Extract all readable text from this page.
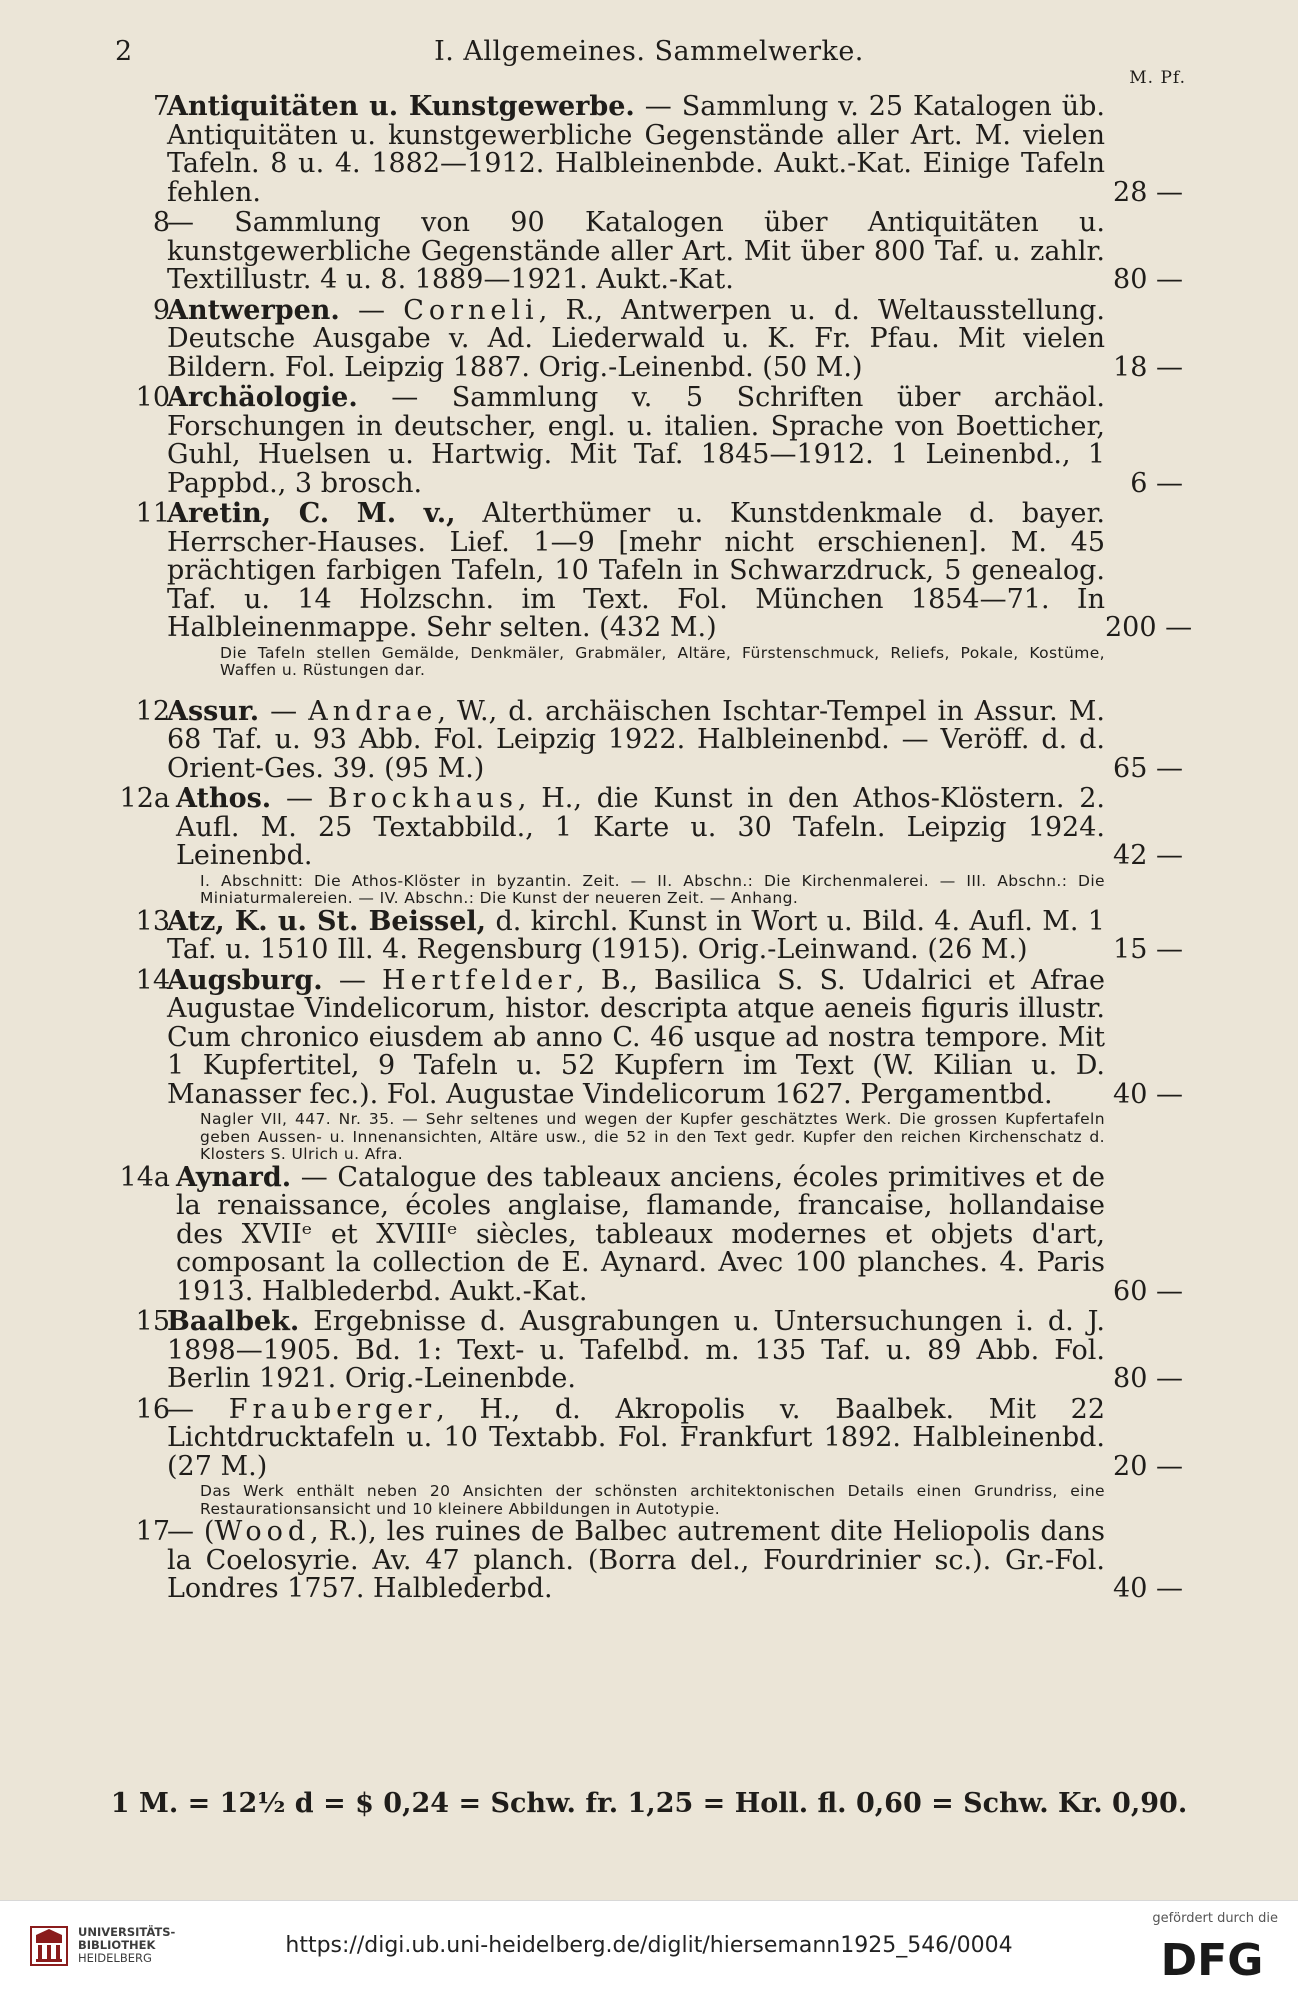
2	I. Allgemeines. Sammelwerke.
M. Pf.
7
Antiquitäten u. Kunstgewerbe. — Sammlung v. 25 Katalogen üb. Antiquitäten u. kunstgewerbliche Gegenstände aller Art. M. vielen Tafeln. 8 u. 4. 1882—1912. Halbleinenbde. Aukt.-Kat. Einige Tafeln fehlen.	28 —
8
— Sammlung von 90 Katalogen über Antiquitäten u. kunstgewerbliche Gegenstände aller Art. Mit über 800 Taf. u. zahlr. Textillustr. 4 u. 8. 1889—1921. Aukt.-Kat.	80 —
9
Antwerpen. — Corneli, R., Antwerpen u. d. Weltausstellung. Deutsche Ausgabe v. Ad. Liederwald u. K. Fr. Pfau. Mit vielen Bildern. Fol. Leipzig 1887. Orig.-Leinenbd. (50 M.)	18 —
10
Archäologie. — Sammlung v. 5 Schriften über archäol. Forschungen in deutscher, engl. u. italien. Sprache von Boetticher, Guhl, Huelsen u. Hartwig. Mit Taf. 1845—1912. 1 Leinenbd., 1 Pappbd., 3 brosch.	6 —
11
Aretin, C. M. v., Alterthümer u. Kunstdenkmale d. bayer. Herrscher-Hauses. Lief. 1—9 [mehr nicht erschienen]. M. 45 prächtigen farbigen Tafeln, 10 Tafeln in Schwarzdruck, 5 genealog. Taf. u. 14 Holzschn. im Text. Fol. München 1854—71. In Halbleinenmappe. Sehr selten. (432 M.)	200 —
Die Tafeln stellen Gemälde, Denkmäler, Grabmäler, Altäre, Fürstenschmuck, Reliefs, Pokale, Kostüme, Waffen u. Rüstungen dar.
12
Assur. — Andrae, W., d. archäischen Ischtar-Tempel in Assur. M. 68 Taf. u. 93 Abb. Fol. Leipzig 1922. Halbleinenbd. — Veröff. d. d. Orient-Ges. 39. (95 M.)	65 —
12a Athos. — Brockhaus, H., die Kunst in den Athos-Klöstern. 2. Aufl. M. 25 Textabbild., 1 Karte u. 30 Tafeln. Leipzig 1924. Leinenbd.	42 —
I. Abschnitt: Die Athos-Klöster in byzantin. Zeit. — II. Abschn.: Die Kirchenmalerei. — III. Abschn.: Die Miniaturmalereien. — IV. Abschn.: Die Kunst der neueren Zeit. — Anhang.
13
Atz, K. u. St. Beissel, d. kirchl. Kunst in Wort u. Bild. 4. Aufl. M. 1 Taf. u. 1510 Ill. 4. Regensburg (1915). Orig.-Leinwand. (26 M.)	15 —
14
Augsburg. — Hertfelder, B., Basilica S. S. Udalrici et Afrae Augustae Vindelicorum, histor. descripta atque aeneis figuris illustr. Cum chronico eiusdem ab anno C. 46 usque ad nostra tempore. Mit 1 Kupfertitel, 9 Tafeln u. 52 Kupfern im Text (W. Kilian u. D. Manasser fec.). Fol. Augustae Vindelicorum 1627. Pergamentbd.	40 —
Nagler VII, 447. Nr. 35. — Sehr seltenes und wegen der Kupfer geschätztes Werk. Die grossen Kupfertafeln geben Aussen- u. Innenansichten, Altäre usw., die 52 in den Text gedr. Kupfer den reichen Kirchenschatz d. Klosters S. Ulrich u. Afra.
14a Aynard. — Catalogue des tableaux anciens, écoles primitives et de la renaissance, écoles anglaise, flamande, francaise, hollandaise des XVIIᵉ et XVIIIᵉ siècles, tableaux modernes et objets d'art, composant la collection de E. Aynard. Avec 100 planches. 4. Paris 1913. Halblederbd. Aukt.-Kat.	60 —
15
Baalbek. Ergebnisse d. Ausgrabungen u. Untersuchungen i. d. J. 1898—1905. Bd. 1: Text- u. Tafelbd. m. 135 Taf. u. 89 Abb. Fol. Berlin 1921. Orig.-Leinenbde.	80 —
16
— Frauberger, H., d. Akropolis v. Baalbek. Mit 22 Lichtdrucktafeln u. 10 Textabb. Fol. Frankfurt 1892. Halbleinenbd. (27 M.)	20 —
Das Werk enthält neben 20 Ansichten der schönsten architektonischen Details einen Grundriss, eine Restaurationsansicht und 10 kleinere Abbildungen in Autotypie.
17
— (Wood, R.), les ruines de Balbec autrement dite Heliopolis dans la Coelosyrie. Av. 47 planch. (Borra del., Fourdrinier sc.). Gr.-Fol. Londres 1757. Halblederbd.	40 —
1 M. = 12½ d = $ 0,24 = Schw. fr. 1,25 = Holl. fl. 0,60 = Schw. Kr. 0,90.
UNIVERSITÄTS-
BIBLIOTHEK
HEIDELBERG	https://digi.ub.uni-heidelberg.de/diglit/hiersemann1925_546/0004
gefördert durch die
DFG
